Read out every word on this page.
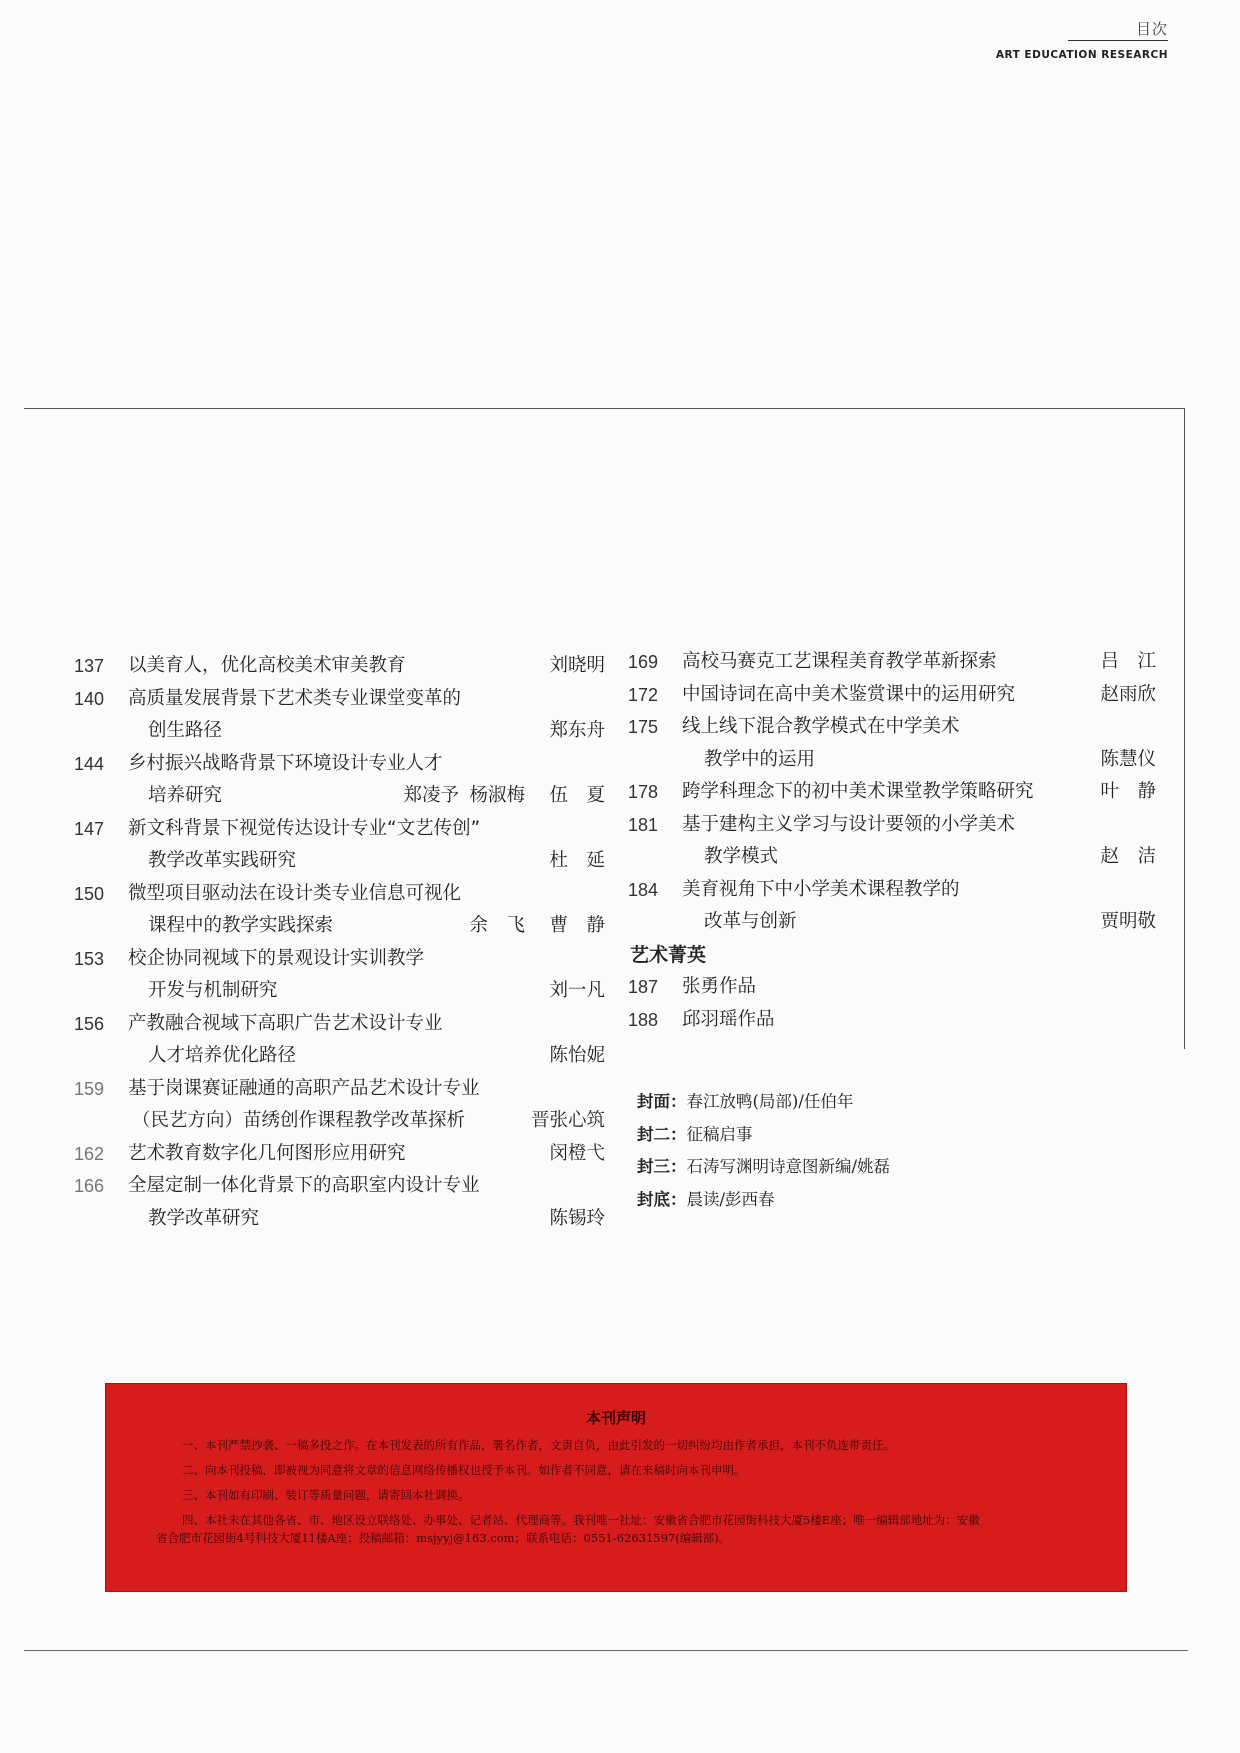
目次
ART EDUCATION RESEARCH
137 以美育人，优化高校美术审美教育	刘晓明
140 高质量发展背景下艺术类专业课堂变革的
创生路径	郑东舟
144 乡村振兴战略背景下环境设计专业人才
培养研究	郑凌予 杨淑梅 伍　夏
147 新文科背景下视觉传达设计专业“文艺传创”
教学改革实践研究	杜　延
150 微型项目驱动法在设计类专业信息可视化
课程中的教学实践探索	余　飞 曹　静
153 校企协同视域下的景观设计实训教学
开发与机制研究	刘一凡
156 产教融合视域下高职广告艺术设计专业
人才培养优化路径	陈怡妮
159 基于岗课赛证融通的高职产品艺术设计专业
（民艺方向）苗绣创作课程教学改革探析	晋张心筑
162 艺术教育数字化几何图形应用研究	闵橙弋
166 全屋定制一体化背景下的高职室内设计专业
教学改革研究	陈锡玲
169 高校马赛克工艺课程美育教学革新探索	吕　江
172 中国诗词在高中美术鉴赏课中的运用研究	赵雨欣
175 线上线下混合教学模式在中学美术
教学中的运用	陈慧仪
178 跨学科理念下的初中美术课堂教学策略研究	叶　静
181 基于建构主义学习与设计要领的小学美术
教学模式	赵　洁
184 美育视角下中小学美术课程教学的
改革与创新	贾明敬
艺术菁英
187 张勇作品
188 邱羽瑶作品
封面：春江放鸭(局部)/任伯年
封二：征稿启事
封三：石涛写渊明诗意图新编/姚磊
封底：晨读/彭西春
本刊声明
一、本刊严禁抄袭、一稿多投之作。在本刊发表的所有作品，署名作者，文责自负，由此引发的一切纠纷均由作者承担，本刊不负连带责任。
二、向本刊投稿，即被视为同意将文章的信息网络传播权也授予本刊。如作者不同意，请在来稿时向本刊申明。
三、本刊如有印刷、装订等质量问题，请寄回本社调换。
四、本社未在其他各省、市、地区设立联络处、办事处、记者站、代理商等。我刊唯一社址：安徽省合肥市花园街科技大厦5楼E座；唯一编辑部地址为：安徽
省合肥市花园街4号科技大厦11楼A座；投稿邮箱：msjyyj@163.com；联系电话：0551-62631597(编辑部)。
